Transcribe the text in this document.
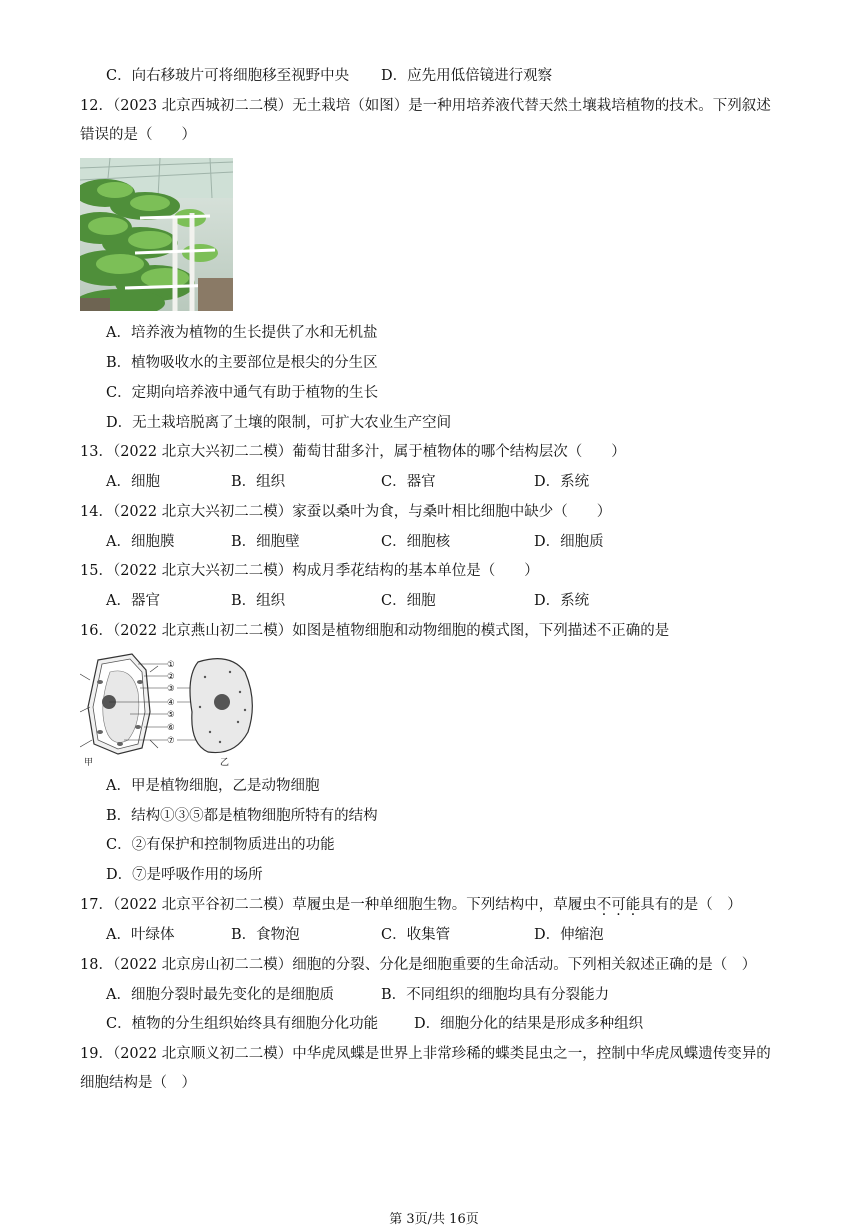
C．向右移玻片可将细胞移至视野中央 D．应先用低倍镜进行观察
12．（2023 北京西城初二二模）无土栽培（如图）是一种用培养液代替天然土壤栽培植物的技术。下列叙述
错误的是（　　）
A．培养液为植物的生长提供了水和无机盐
B．植物吸收水的主要部位是根尖的分生区
C．定期向培养液中通气有助于植物的生长
D．无土栽培脱离了土壤的限制，可扩大农业生产空间
13．（2022 北京大兴初二二模）葡萄甘甜多汁，属于植物体的哪个结构层次（　　）
A．细胞	B．组织	C．器官	D．系统
14．（2022 北京大兴初二二模）家蚕以桑叶为食，与桑叶相比细胞中缺少（　　）
A．细胞膜	B．细胞壁	C．细胞核	D．细胞质
15．（2022 北京大兴初二二模）构成月季花结构的基本单位是（　　）
A．器官	B．组织	C．细胞	D．系统
16．（2022 北京燕山初二二模）如图是植物细胞和动物细胞的模式图，下列描述不正确的是
甲
①
②
③
④
⑤
⑥
⑦
乙
A．甲是植物细胞，乙是动物细胞
B．结构①③⑤都是植物细胞所特有的结构
C．②有保护和控制物质进出的功能
D．⑦是呼吸作用的场所
17．（2022 北京平谷初二二模）草履虫是一种单细胞生物。下列结构中，草履虫不可能具有的是（　）
A．叶绿体	B．食物泡	C．收集管	D．伸缩泡
18．（2022 北京房山初二二模）细胞的分裂、分化是细胞重要的生命活动。下列相关叙述正确的是（　）
A．细胞分裂时最先变化的是细胞质	B．不同组织的细胞均具有分裂能力
C．植物的分生组织始终具有细胞分化功能 D．细胞分化的结果是形成多种组织
19．（2022 北京顺义初二二模）中华虎凤蝶是世界上非常珍稀的蝶类昆虫之一，控制中华虎凤蝶遗传变异的
细胞结构是（　）
第 3页/共 16页
